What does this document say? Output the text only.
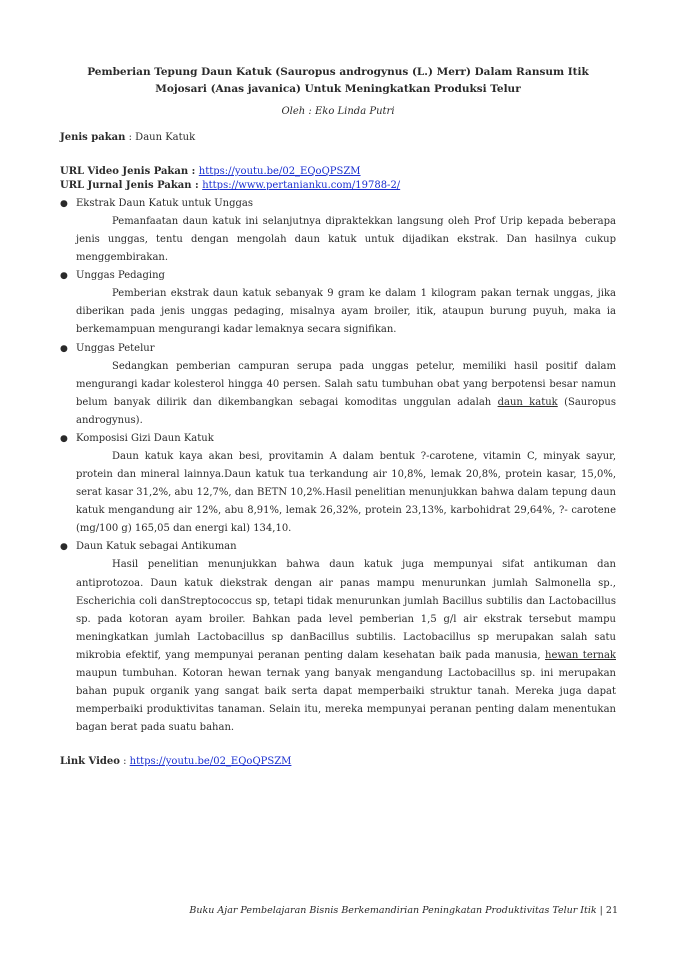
Pemberian Tepung Daun Katuk (Sauropus androgynus (L.) Merr) Dalam Ransum Itik
Mojosari (Anas javanica) Untuk Meningkatkan Produksi Telur
Oleh : Eko Linda Putri
Jenis pakan : Daun Katuk
URL Video Jenis Pakan : https://youtu.be/02_EQoQPSZM
URL Jurnal Jenis Pakan : https://www.pertanianku.com/19788-2/
● Ekstrak Daun Katuk untuk Unggas

Pemanfaatan daun katuk ini selanjutnya dipraktekkan langsung oleh Prof Urip kepada beberapa jenis unggas, tentu dengan mengolah daun katuk untuk dijadikan ekstrak. Dan hasilnya cukup menggembirakan.

● Unggas Pedaging

Pemberian ekstrak daun katuk sebanyak 9 gram ke dalam 1 kilogram pakan ternak unggas, jika diberikan pada jenis unggas pedaging, misalnya ayam broiler, itik, ataupun burung puyuh, maka ia berkemampuan mengurangi kadar lemaknya secara signifikan.

● Unggas Petelur

Sedangkan pemberian campuran serupa pada unggas petelur, memiliki hasil positif dalam mengurangi kadar kolesterol hingga 40 persen. Salah satu tumbuhan obat yang berpotensi besar namun belum banyak dilirik dan dikembangkan sebagai komoditas unggulan adalah daun katuk (Sauropus androgynus).

● Komposisi Gizi Daun Katuk

Daun katuk kaya akan besi, provitamin A dalam bentuk ?-carotene, vitamin C, minyak sayur, protein dan mineral lainnya.Daun katuk tua terkandung air 10,8%, lemak 20,8%, protein kasar, 15,0%, serat kasar 31,2%, abu 12,7%, dan BETN 10,2%.Hasil penelitian menunjukkan bahwa dalam tepung daun katuk mengandung air 12%, abu 8,91%, lemak 26,32%, protein 23,13%, karbohidrat 29,64%, ?- carotene (mg/100 g) 165,05 dan energi kal) 134,10.

● Daun Katuk sebagai Antikuman

Hasil penelitian menunjukkan bahwa daun katuk juga mempunyai sifat antikuman dan antiprotozoa. Daun katuk diekstrak dengan air panas mampu menurunkan jumlah Salmonella sp., Escherichia coli danStreptococcus sp, tetapi tidak menurunkan jumlah Bacillus subtilis dan Lactobacillus sp. pada kotoran ayam broiler. Bahkan pada level pemberian 1,5 g/l air ekstrak tersebut mampu meningkatkan jumlah Lactobacillus sp danBacillus subtilis. Lactobacillus sp merupakan salah satu mikrobia efektif, yang mempunyai peranan penting dalam kesehatan baik pada manusia, hewan ternak maupun tumbuhan. Kotoran hewan ternak yang banyak mengandung Lactobacillus sp. ini merupakan bahan pupuk organik yang sangat baik serta dapat memperbaiki struktur tanah. Mereka juga dapat memperbaiki produktivitas tanaman. Selain itu, mereka mempunyai peranan penting dalam menentukan bagan berat pada suatu bahan.

Link Video : https://youtu.be/02_EQoQPSZM
Buku Ajar Pembelajaran Bisnis Berkemandirian Peningkatan Produktivitas Telur Itik | 21
